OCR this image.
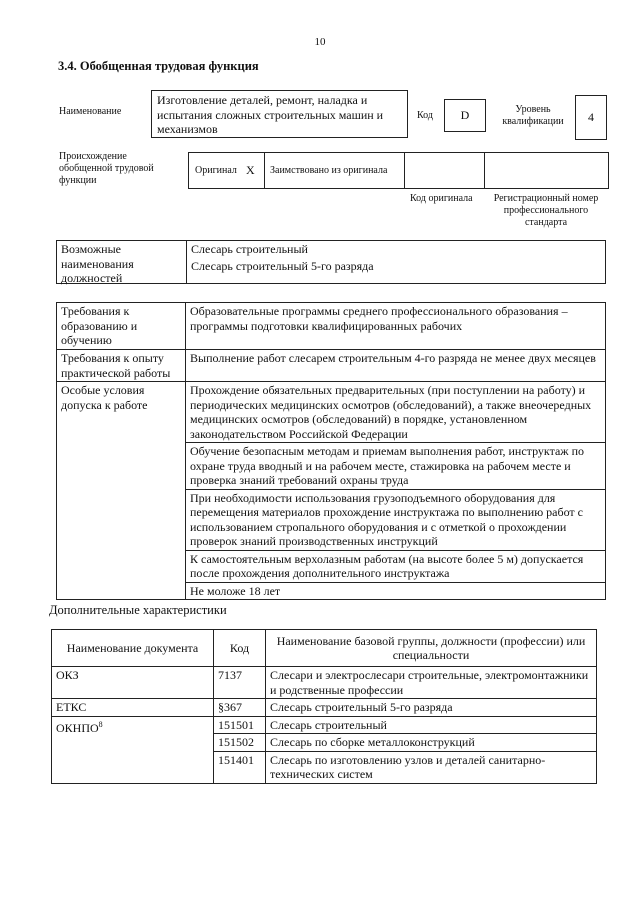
10
3.4. Обобщенная трудовая функция
Наименование
Изготовление деталей, ремонт, наладка и испытания сложных строительных машин и механизмов
Код	D	Уровень квалификации	4
Происхождение обобщенной трудовой функции
Оригинал X Заимствовано из оригинала
Код оригинала	Регистрационный номер профессионального стандарта
Возможные наименования должностей
Слесарь строительный
Слесарь строительный 5-го разряда
Требования к образованию и обучению	Образовательные программы среднего профессионального образования – программы подготовки квалифицированных рабочих
Требования к опыту практической работы	Выполнение работ слесарем строительным 4-го разряда не менее двух месяцев
Особые условия допуска к работе	Прохождение обязательных предварительных (при поступлении на работу) и периодических медицинских осмотров (обследований), а также внеочередных медицинских осмотров (обследований) в порядке, установленном законодательством Российской Федерации
	Обучение безопасным методам и приемам выполнения работ, инструктаж по охране труда вводный и на рабочем месте, стажировка на рабочем месте и проверка знаний требований охраны труда
	При необходимости использования грузоподъемного оборудования для перемещения материалов прохождение инструктажа по выполнению работ с использованием стропального оборудования и с отметкой о прохождении проверок знаний производственных инструкций
	К самостоятельным верхолазным работам (на высоте более 5 м) допускается после прохождения дополнительного инструктажа
	Не моложе 18 лет
Дополнительные характеристики
Наименование документа	Код	Наименование базовой группы, должности (профессии) или специальности
ОКЗ	7137	Слесари и электрослесари строительные, электромонтажники и родственные профессии
ЕТКС	§367	Слесарь строительный 5-го разряда
ОКНПО$^8$	151501	Слесарь строительный
	151502	Слесарь по сборке металлоконструкций
	151401	Слесарь по изготовлению узлов и деталей санитарно-технических систем
